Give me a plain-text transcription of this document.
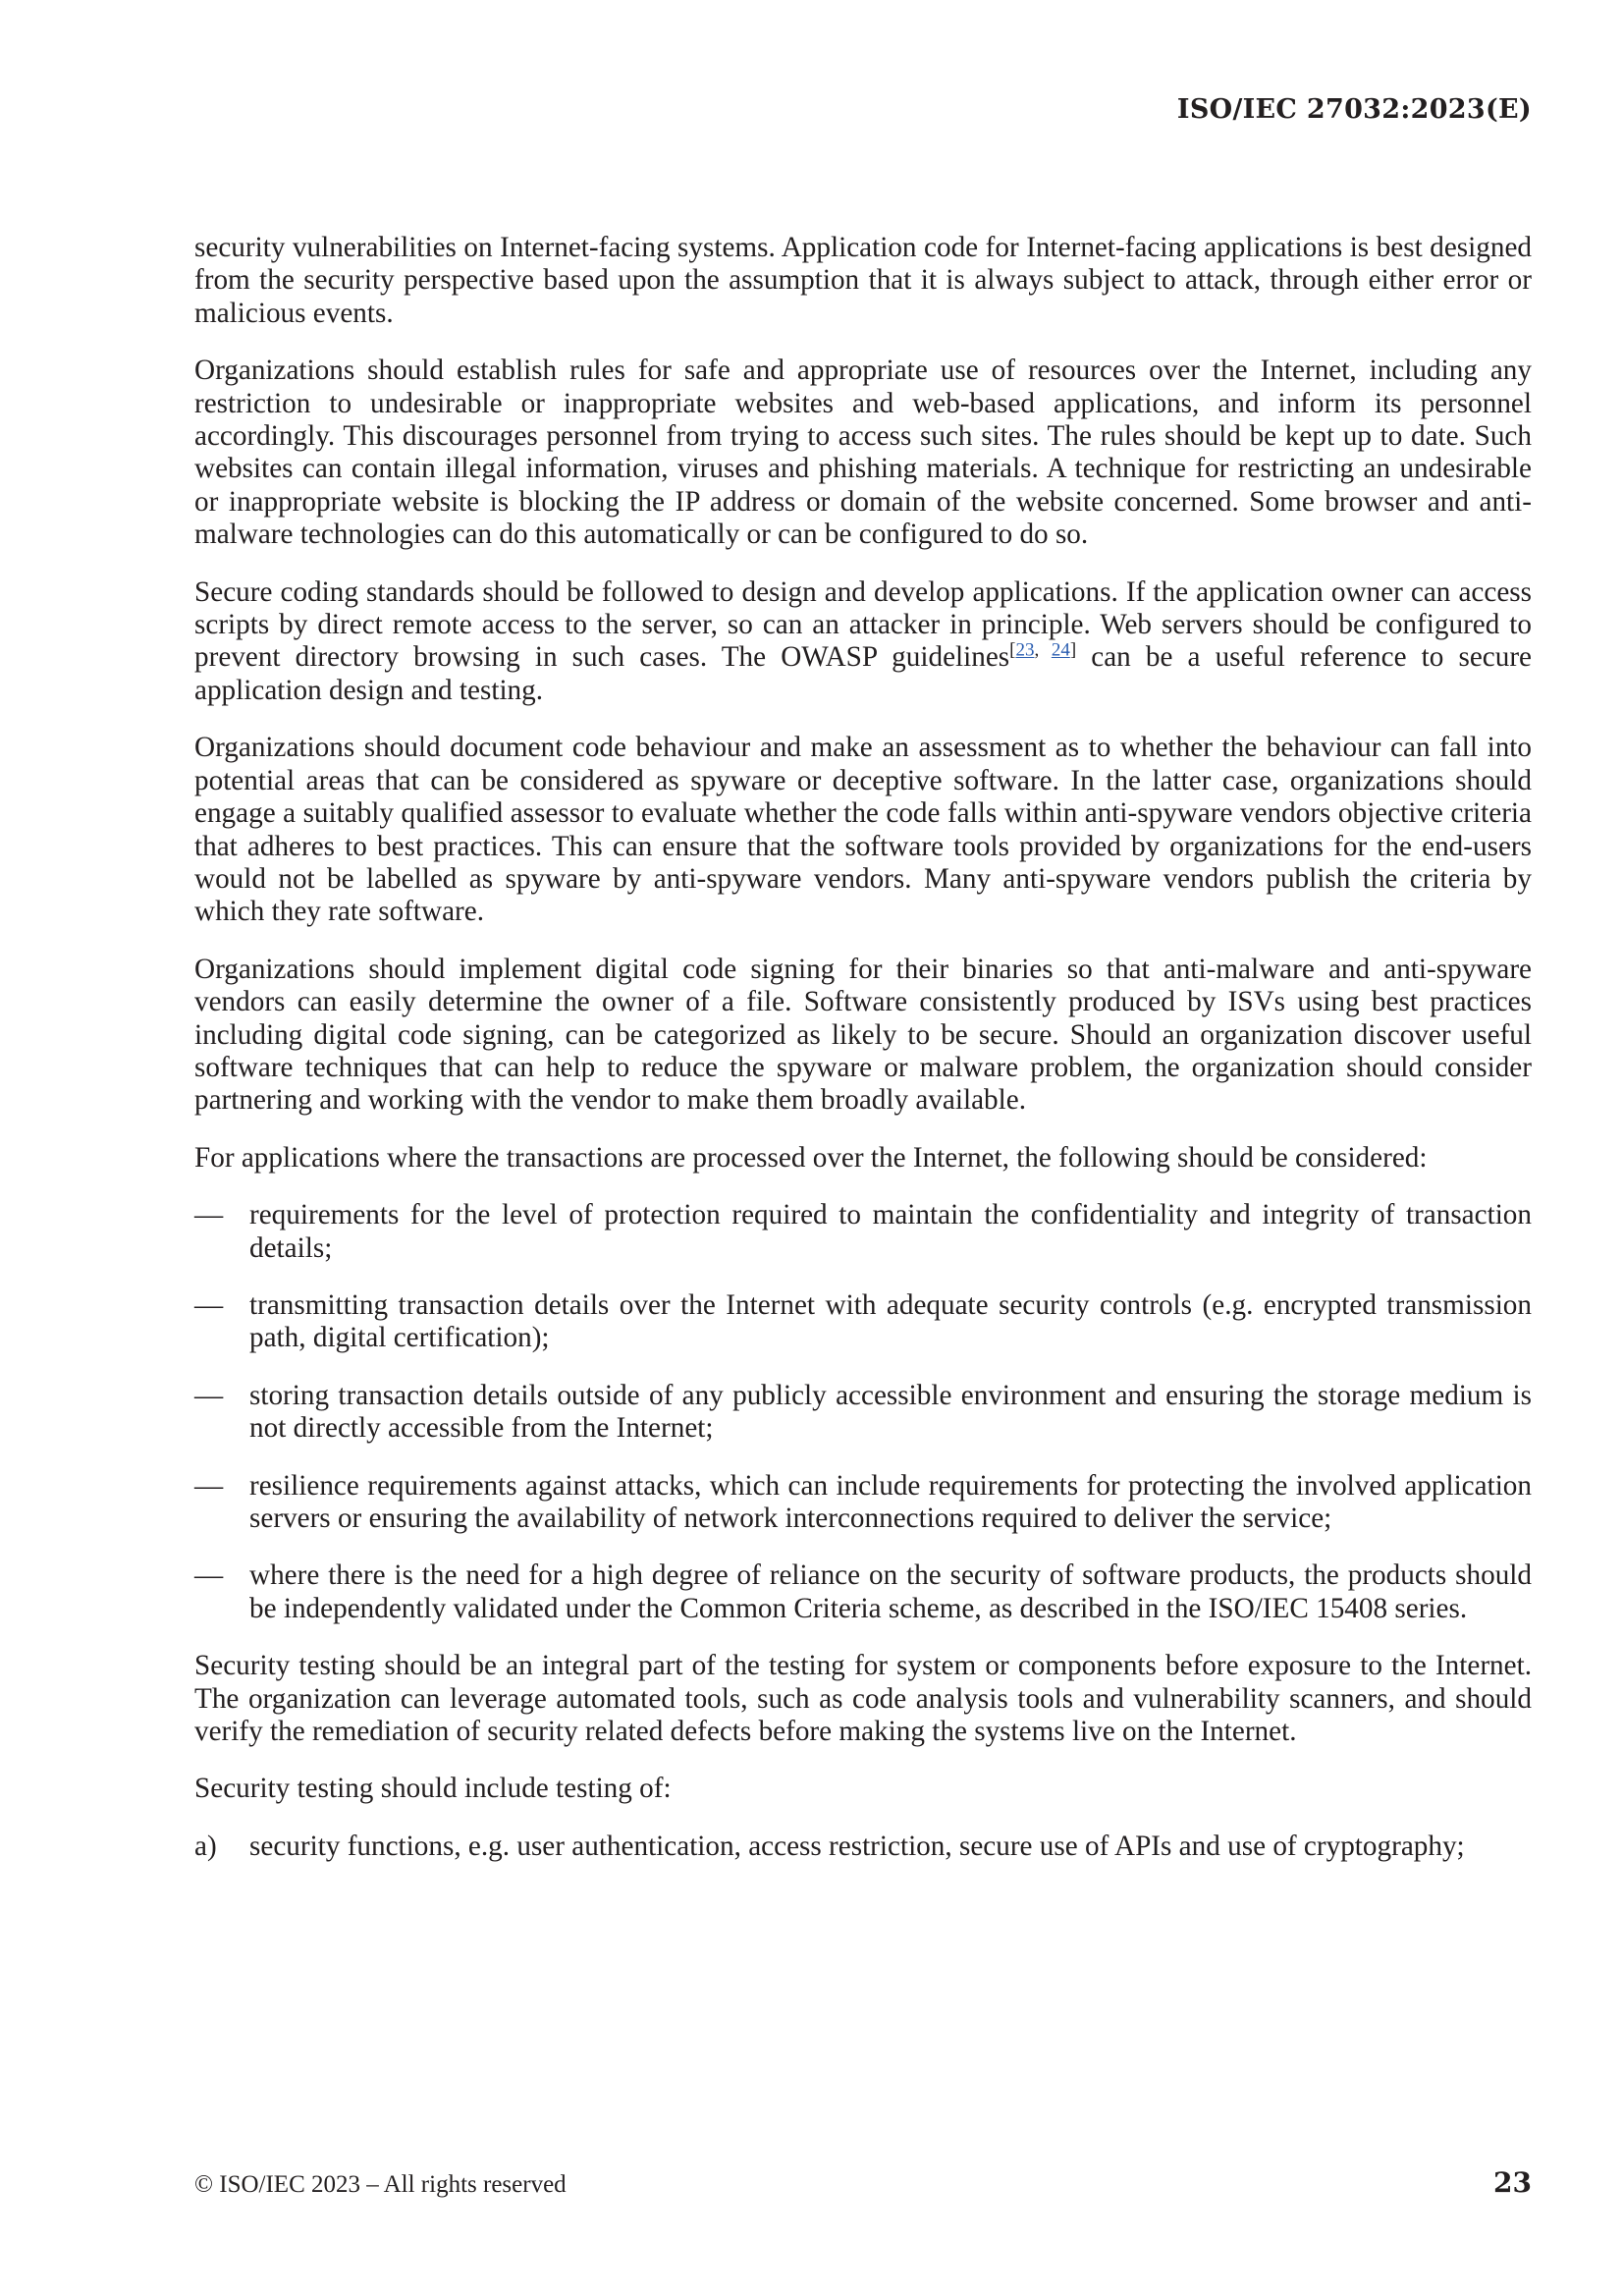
ISO/IEC 27032:2023(E)

security vulnerabilities on Internet-facing systems. Application code for Internet-facing applications is best designed from the security perspective based upon the assumption that it is always subject to attack, through either error or malicious events.

Organizations should establish rules for safe and appropriate use of resources over the Internet, including any restriction to undesirable or inappropriate websites and web-based applications, and inform its personnel accordingly. This discourages personnel from trying to access such sites. The rules should be kept up to date. Such websites can contain illegal information, viruses and phishing materials. A technique for restricting an undesirable or inappropriate website is blocking the IP address or domain of the website concerned. Some browser and anti-malware technologies can do this automatically or can be configured to do so.

Secure coding standards should be followed to design and develop applications. If the application owner can access scripts by direct remote access to the server, so can an attacker in principle. Web servers should be configured to prevent directory browsing in such cases. The OWASP guidelines[23, 24] can be a useful reference to secure application design and testing.

Organizations should document code behaviour and make an assessment as to whether the behaviour can fall into potential areas that can be considered as spyware or deceptive software. In the latter case, organizations should engage a suitably qualified assessor to evaluate whether the code falls within anti-spyware vendors objective criteria that adheres to best practices. This can ensure that the software tools provided by organizations for the end-users would not be labelled as spyware by anti-spyware vendors. Many anti-spyware vendors publish the criteria by which they rate software.

Organizations should implement digital code signing for their binaries so that anti-malware and anti-spyware vendors can easily determine the owner of a file. Software consistently produced by ISVs using best practices including digital code signing, can be categorized as likely to be secure. Should an organization discover useful software techniques that can help to reduce the spyware or malware problem, the organization should consider partnering and working with the vendor to make them broadly available.

For applications where the transactions are processed over the Internet, the following should be considered:

— requirements for the level of protection required to maintain the confidentiality and integrity of transaction details;
— transmitting transaction details over the Internet with adequate security controls (e.g. encrypted transmission path, digital certification);
— storing transaction details outside of any publicly accessible environment and ensuring the storage medium is not directly accessible from the Internet;
— resilience requirements against attacks, which can include requirements for protecting the involved application servers or ensuring the availability of network interconnections required to deliver the service;
— where there is the need for a high degree of reliance on the security of software products, the products should be independently validated under the Common Criteria scheme, as described in the ISO/IEC 15408 series.

Security testing should be an integral part of the testing for system or components before exposure to the Internet. The organization can leverage automated tools, such as code analysis tools and vulnerability scanners, and should verify the remediation of security related defects before making the systems live on the Internet.

Security testing should include testing of:

a)	security functions, e.g. user authentication, access restriction, secure use of APIs and use of cryptography;
© ISO/IEC 2023 – All rights reserved	23
